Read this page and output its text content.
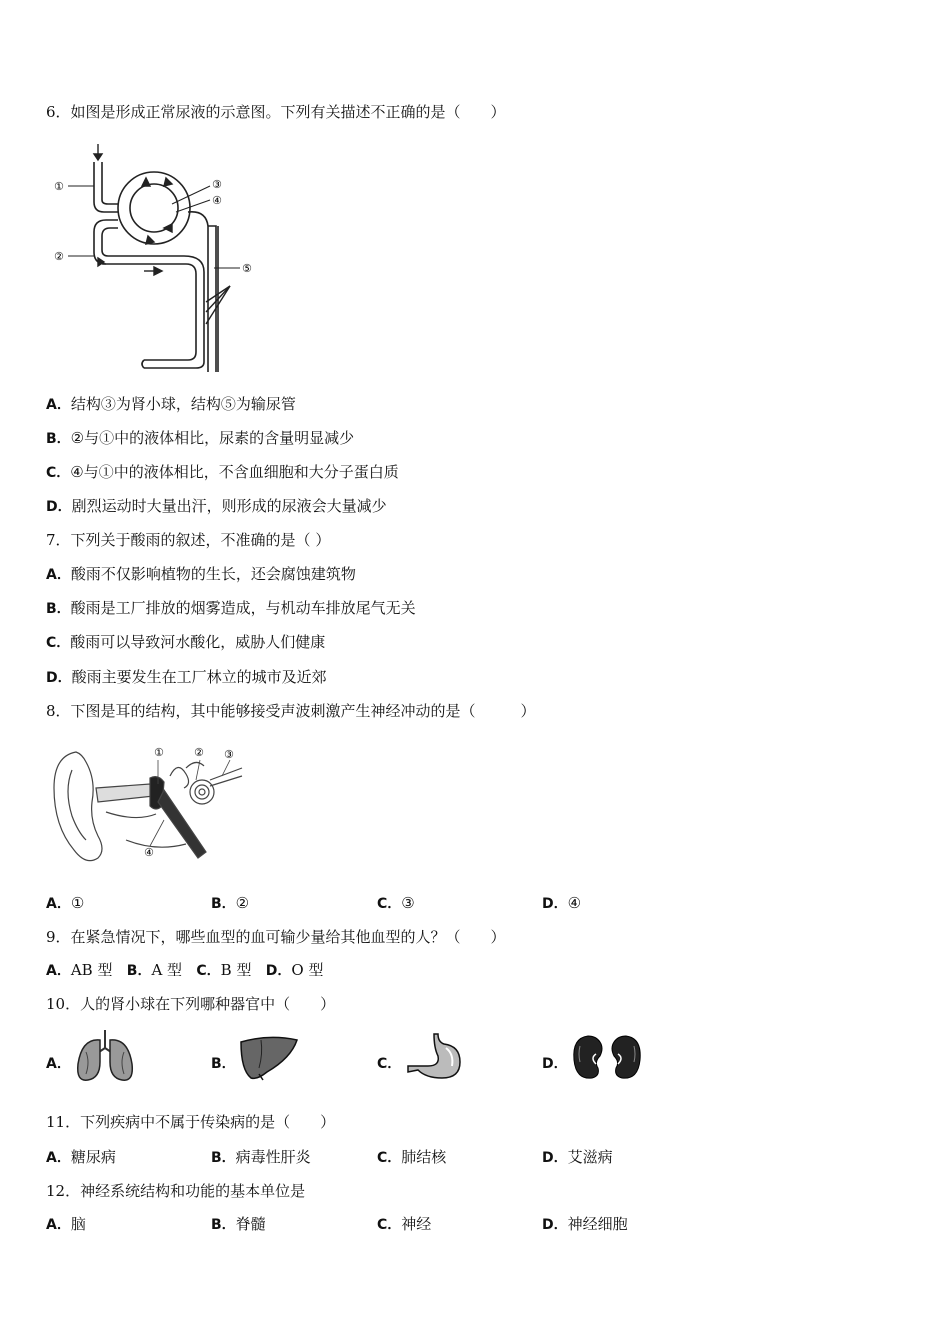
6．如图是形成正常尿液的示意图。下列有关描述不正确的是（　　）
①
②
③
④
⑤
A．结构③为肾小球，结构⑤为输尿管
B．②与①中的液体相比，尿素的含量明显减少
C．④与①中的液体相比，不含血细胞和大分子蛋白质
D．剧烈运动时大量出汗，则形成的尿液会大量减少
7．下列关于酸雨的叙述，不准确的是（ ）
A．酸雨不仅影响植物的生长，还会腐蚀建筑物
B．酸雨是工厂排放的烟雾造成，与机动车排放尾气无关
C．酸雨可以导致河水酸化，威胁人们健康
D．酸雨主要发生在工厂林立的城市及近郊
8．下图是耳的结构，其中能够接受声波刺激产生神经冲动的是（　　　）
①	② ③
④
A．①	B．②	C．③	D．④
9．在紧急情况下，哪些血型的血可输少量给其他血型的人？（　　）
A．AB 型 B．A 型 C．B 型 D．O 型
10．人的肾小球在下列哪种器官中（　　）
A．	B．	C．	D．
11．下列疾病中不属于传染病的是（　　）
A．糖尿病	B．病毒性肝炎	C．肺结核	D．艾滋病
12．神经系统结构和功能的基本单位是
A．脑	B．脊髓	C．神经	D．神经细胞
